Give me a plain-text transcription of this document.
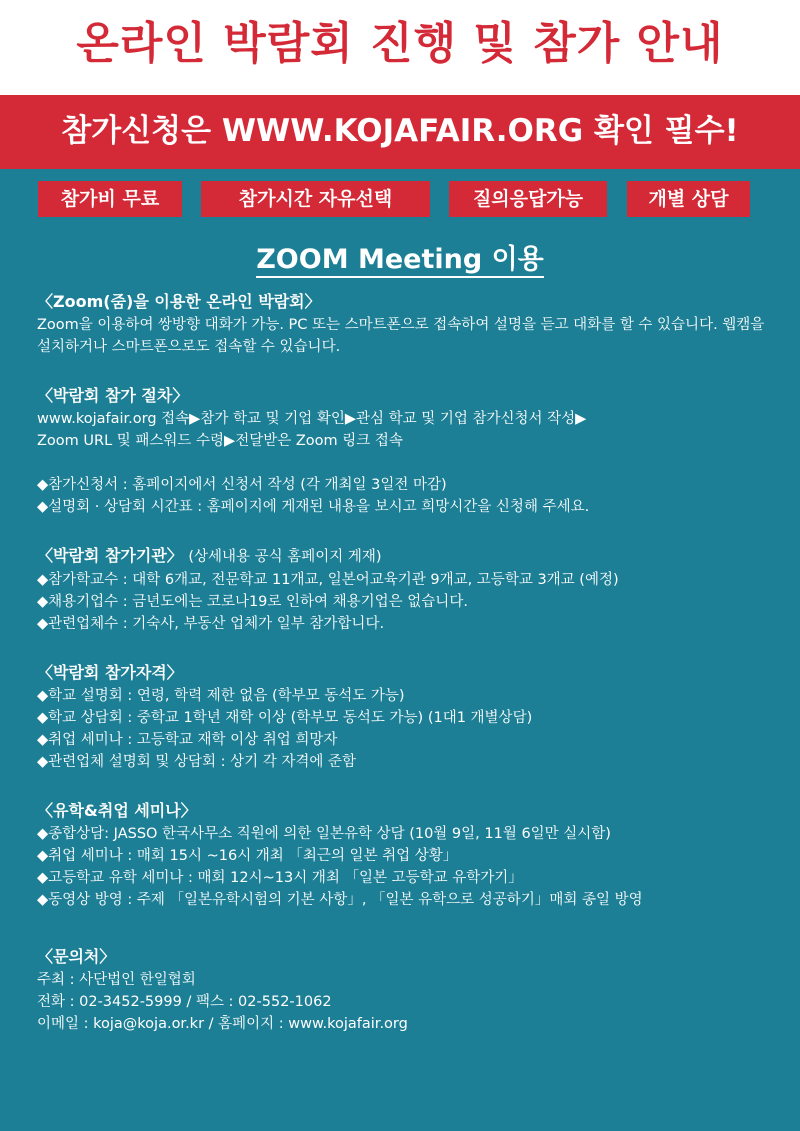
온라인 박람회 진행 및 참가 안내
참가신청은 WWW.KOJAFAIR.ORG 확인 필수!
참가비 무료	참가시간 자유선택	질의응답가능	개별 상담
ZOOM Meeting 이용
〈Zoom(줌)을 이용한 온라인 박람회〉
Zoom을 이용하여 쌍방향 대화가 가능. PC 또는 스마트폰으로 접속하여 설명을 듣고 대화를 할 수 있습니다. 웹캠을 설치하거나 스마트폰으로도 접속할 수 있습니다.
〈박람회 참가 절차〉
www.kojafair.org 접속▶참가 학교 및 기업 확인▶관심 학교 및 기업 참가신청서 작성▶
Zoom URL 및 패스워드 수령▶전달받은 Zoom 링크 접속
◆참가신청서 : 홈페이지에서 신청서 작성 (각 개최일 3일전 마감)
◆설명회 · 상담회 시간표 : 홈페이지에 게재된 내용을 보시고 희망시간을 신청해 주세요.
〈박람회 참가기관〉 (상세내용 공식 홈페이지 게재)
◆참가학교수 : 대학 6개교, 전문학교 11개교, 일본어교육기관 9개교, 고등학교 3개교 (예정)
◆채용기업수 : 금년도에는 코로나19로 인하여 채용기업은 없습니다.
◆관련업체수 : 기숙사, 부동산 업체가 일부 참가합니다.
〈박람회 참가자격〉
◆학교 설명회 : 연령, 학력 제한 없음 (학부모 동석도 가능)
◆학교 상담회 : 중학교 1학년 재학 이상 (학부모 동석도 가능) (1대1 개별상담)
◆취업 세미나 : 고등학교 재학 이상 취업 희망자
◆관련업체 설명회 및 상담회 : 상기 각 자격에 준함
〈유학&취업 세미나〉
◆종합상담: JASSO 한국사무소 직원에 의한 일본유학 상담 (10월 9일, 11월 6일만 실시함)
◆취업 세미나 : 매회 15시 ~16시 개최 「최근의 일본 취업 상황」
◆고등학교 유학 세미나 : 매회 12시~13시 개최 「일본 고등학교 유학가기」
◆동영상 방영 : 주제 「일본유학시험의 기본 사항」, 「일본 유학으로 성공하기」매회 종일 방영
〈문의처〉
주최 : 사단법인 한일협회
전화 : 02-3452-5999 / 팩스 : 02-552-1062
이메일 : koja@koja.or.kr / 홈페이지 : www.kojafair.org
